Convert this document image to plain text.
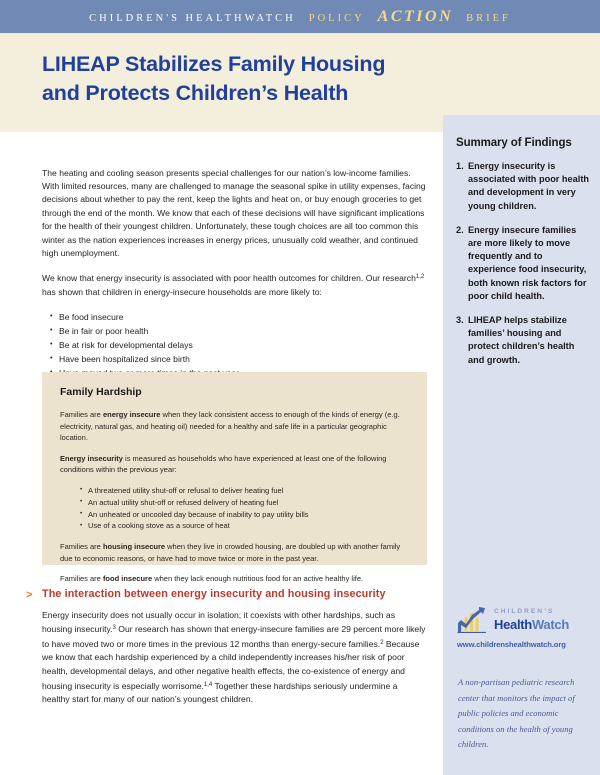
CHILDREN'S HEALTHWATCH POLICY ACTION BRIEF
LIHEAP Stabilizes Family Housing
and Protects Children’s Health
Summary of Findings
1. Energy insecurity is associated with poor health and development in very young children.
2. Energy insecure families are more likely to move frequently and to experience food insecurity, both known risk factors for poor child health.
3. LIHEAP helps stabilize families’ housing and protect children’s health and growth.
CHILDREN’S
HealthWatch
www.childrenshealthwatch.org
A non-partisan pediatric research center that monitors the impact of public policies and economic conditions on the health of young children.

The heating and cooling season presents special challenges for our nation’s low-income families. With limited resources, many are challenged to manage the seasonal spike in utility expenses, facing decisions about whether to pay the rent, keep the lights and heat on, or buy enough groceries to get through the end of the month. We know that each of these decisions will have significant implications for the health of their youngest children. Unfortunately, these tough choices are all too common this winter as the nation experiences increases in energy prices, unusually cold weather, and continued high unemployment.

We know that energy insecurity is associated with poor health outcomes for children. Our research$^{1,2}$ has shown that children in energy-insecure households are more likely to:

• Be food insecure
• Be in fair or poor health
• Be at risk for developmental delays
• Have been hospitalized since birth
•
Family Hardship

Families are energy insecure when they lack consistent access to enough of the kinds of energy (e.g. electricity, natural gas, and heating oil) needed for a healthy and safe life in a particular geographic location.

Energy insecurity is measured as households who have experienced at least one of the following conditions within the previous year:

• A threatened utility shut-off or refusal to deliver heating fuel
• An actual utility shut-off or refused delivery of heating fuel
• An unheated or uncooled day because of inability to pay utility bills
• Use of a cooking stove as a source of heat

Families are housing insecure when they live in crowded housing, are doubled up with another family due to economic reasons, or have had to move twice or more in the past year.

Families are food insecure when they lack enough nutritious food for an active healthy life.

> The interaction between energy insecurity and housing insecurity

Energy insecurity does not usually occur in isolation; it coexists with other hardships, such as housing insecurity.$^3$ Our research has shown that energy-insecure families are 29 percent more likely to have moved two or more times in the previous 12 months than energy-secure families.$^2$ Because we know that each hardship experienced by a child independently increases his/her risk of poor health, developmental delays, and other negative health effects, the co-existence of energy and housing insecurity is especially worrisome.$^{1,4}$ Together these hardships seriously undermine a healthy start for many of our nation’s youngest children.
